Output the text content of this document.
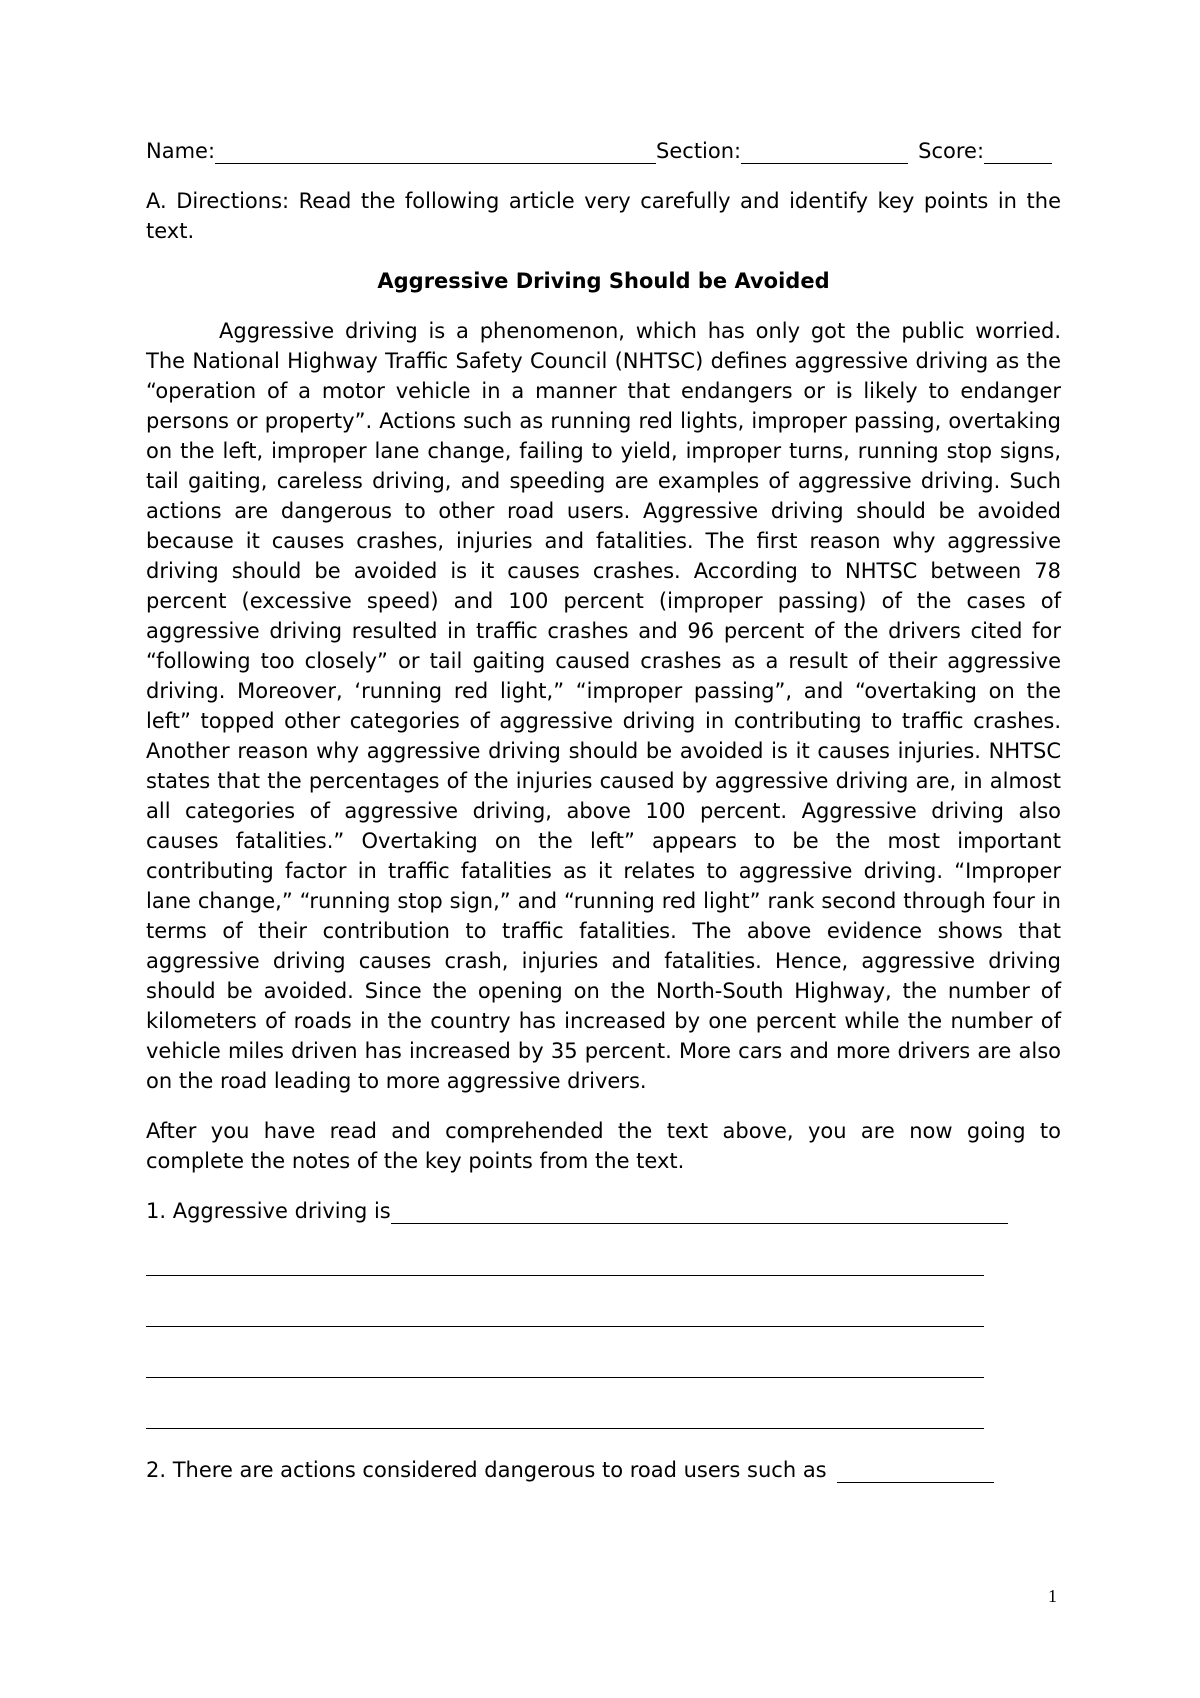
Name:	Section:	Score:
A. Directions: Read the following article very carefully and identify key points in the text.
Aggressive Driving Should be Avoided
Aggressive driving is a phenomenon, which has only got the public worried. The National Highway Traffic Safety Council (NHTSC) defines aggressive driving as the “operation of a motor vehicle in a manner that endangers or is likely to endanger persons or property”. Actions such as running red lights, improper passing, overtaking on the left, improper lane change, failing to yield, improper turns, running stop signs, tail gaiting, careless driving, and speeding are examples of aggressive driving. Such actions are dangerous to other road users. Aggressive driving should be avoided because it causes crashes, injuries and fatalities. The first reason why aggressive driving should be avoided is it causes crashes. According to NHTSC between 78 percent (excessive speed) and 100 percent (improper passing) of the cases of aggressive driving resulted in traffic crashes and 96 percent of the drivers cited for “following too closely” or tail gaiting caused crashes as a result of their aggressive driving. Moreover, ‘running red light,” “improper passing”, and “overtaking on the left” topped other categories of aggressive driving in contributing to traffic crashes. Another reason why aggressive driving should be avoided is it causes injuries. NHTSC states that the percentages of the injuries caused by aggressive driving are, in almost all categories of aggressive driving, above 100 percent. Aggressive driving also causes fatalities.” Overtaking on the left” appears to be the most important contributing factor in traffic fatalities as it relates to aggressive driving. “Improper lane change,” “running stop sign,” and “running red light” rank second through four in terms of their contribution to traffic fatalities. The above evidence shows that aggressive driving causes crash, injuries and fatalities. Hence, aggressive driving should be avoided. Since the opening on the North-South Highway, the number of kilometers of roads in the country has increased by one percent while the number of vehicle miles driven has increased by 35 percent. More cars and more drivers are also on the road leading to more aggressive drivers.
After you have read and comprehended the text above, you are now going to complete the notes of the key points from the text.
1. Aggressive driving is
2. There are actions considered dangerous to road users such as
1
